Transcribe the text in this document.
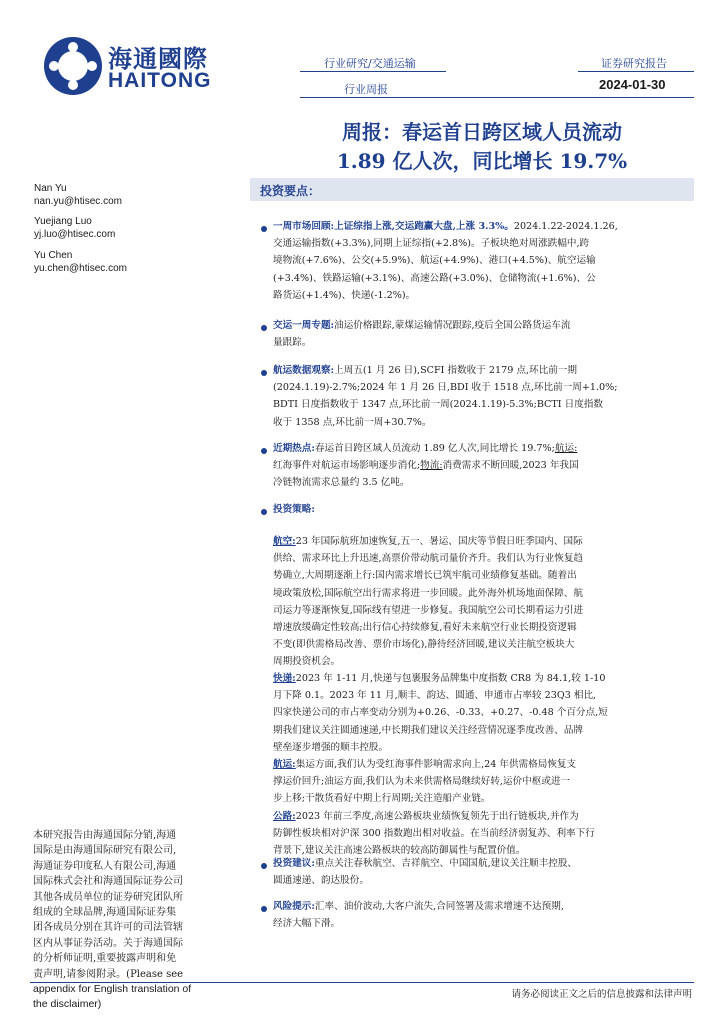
海通國際
HAITONG
行业研究/交通运输
行业周报
证券研究报告
2024-01-30
周报：春运首日跨区域人员流动
1.89 亿人次，同比增长 19.7%
Nan Yu
nan.yu@htisec.com
Yuejiang Luo
yj.luo@htisec.com
Yu Chen
yu.chen@htisec.com
本研究报告由海通国际分销,海通
国际是由海通国际研究有限公司,
海通证券印度私人有限公司,海通
国际株式会社和海通国际证券公司
其他各成员单位的证券研究团队所
组成的全球品牌,海通国际证券集
团各成员分别在其许可的司法管辖
区内从事证券活动。关于海通国际
的分析师证明,重要披露声明和免
责声明,请参阅附录。(Please see
appendix for English translation of
the disclaimer)
投资要点：
一周市场回顾:上证综指上涨,交运跑赢大盘,上涨 3.3%。2024.1.22-2024.1.26,
交通运输指数(+3.3%),同期上证综指(+2.8%)。子板块绝对周涨跌幅中,跨
境物流(+7.6%)、公交(+5.9%)、航运(+4.9%)、港口(+4.5%)、航空运输
(+3.4%)、铁路运输(+3.1%)、高速公路(+3.0%)、仓储物流(+1.6%)、公
路货运(+1.4%)、快递(-1.2%)。
交运一周专题:油运价格跟踪,蒙煤运输情况跟踪,疫后全国公路货运车流
量跟踪。
航运数据观察:上周五(1 月 26 日),SCFI 指数收于 2179 点,环比前一期
(2024.1.19)-2.7%;2024 年 1 月 26 日,BDI 收于 1518 点,环比前一周+1.0%;
BDTI 日度指数收于 1347 点,环比前一周(2024.1.19)-5.3%;BCTI 日度指数
收于 1358 点,环比前一周+30.7%。
近期热点:春运首日跨区域人员流动 1.89 亿人次,同比增长 19.7%;航运:
红海事件对航运市场影响逐步消化;物流:消费需求不断回暖,2023 年我国
冷链物流需求总量约 3.5 亿吨。
投资策略:
航空:23 年国际航班加速恢复,五一、暑运、国庆等节假日旺季国内、国际
供给、需求环比上升迅速,高票价带动航司量价齐升。我们认为行业恢复趋
势确立,大周期逐渐上行:国内需求增长已筑牢航司业绩修复基础。随着出
境政策放松,国际航空出行需求将进一步回暖。此外海外机场地面保障、航
司运力等逐渐恢复,国际线有望进一步修复。我国航空公司长期看运力引进
增速放缓确定性较高;出行信心持续修复,看好未来航空行业长期投资逻辑
不变(即供需格局改善、票价市场化),静待经济回暖,建议关注航空板块大
周期投资机会。
快递:2023 年 1-11 月,快递与包裹服务品牌集中度指数 CR8 为 84.1,较 1-10
月下降 0.1。2023 年 11 月,顺丰、韵达、圆通、申通市占率较 23Q3 相比,
四家快递公司的市占率变动分别为+0.26、-0.33、+0.27、-0.48 个百分点,短
期我们建议关注圆通速递,中长期我们建议关注经营情况逐季度改善、品牌
壁垒逐步增强的顺丰控股。
航运:集运方面,我们认为受红海事件影响需求向上,24 年供需格局恢复支
撑运价回升;油运方面,我们认为未来供需格局继续好转,运价中枢或进一
步上移;干散货看好中期上行周期;关注造船产业链。
公路:2023 年前三季度,高速公路板块业绩恢复领先于出行链板块,并作为
防御性板块相对沪深 300 指数跑出相对收益。在当前经济弱复苏、利率下行
背景下,建议关注高速公路板块的较高防御属性与配置价值。
投资建议:重点关注春秋航空、吉祥航空、中国国航,建议关注顺丰控股、
圆通速递、韵达股份。
风险提示:汇率、油价波动,大客户流失,合同签署及需求增速不达预期,
经济大幅下滑。
请务必阅读正文之后的信息披露和法律声明
